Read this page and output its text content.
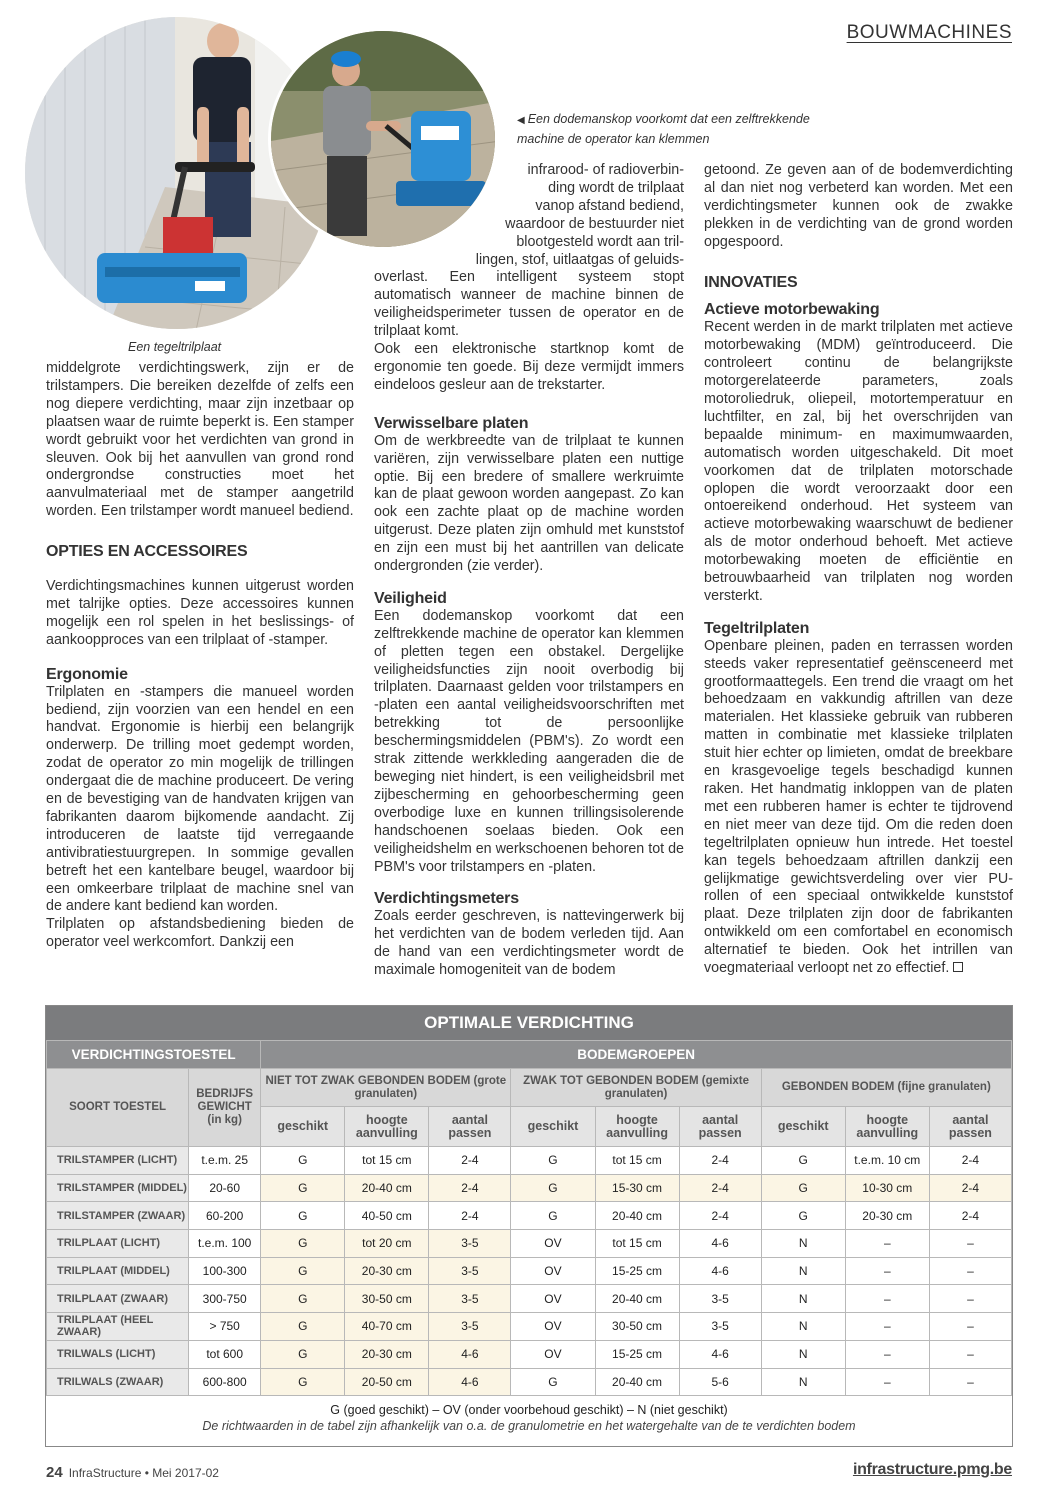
BOUWMACHINES
Een tegeltrilplaat
◀ Een dodemanskop voorkomt dat een zelftrekkende machine de operator kan klemmen

middelgrote verdichtingswerk, zijn er de trilstampers. Die bereiken dezelfde of zelfs een nog diepere verdichting, maar zijn inzetbaar op plaatsen waar de ruimte beperkt is. Een stamper wordt gebruikt voor het verdichten van grond in sleuven. Ook bij het aanvullen van grond rond ondergrondse constructies moet het aanvulmateriaal met de stamper aangetrild worden. Een trilstamper wordt manueel bediend.

OPTIES EN ACCESSOIRES

Verdichtingsmachines kunnen uitgerust worden met talrijke opties. Deze accessoires kunnen mogelijk een rol spelen in het beslissings- of aankoopproces van een trilplaat of -stamper.

Ergonomie

Trilplaten en -stampers die manueel worden bediend, zijn voorzien van een hendel en een handvat. Ergonomie is hierbij een belangrijk onderwerp. De trilling moet gedempt worden, zodat de operator zo min mogelijk de trillingen ondergaat die de machine produceert. De vering en de bevestiging van de handvaten krijgen van fabrikanten daarom bijkomende aandacht. Zij introduceren de laatste tijd verregaande antivibratiestuurgrepen. In sommige gevallen betreft het een kantelbare beugel, waardoor bij een omkeerbare trilplaat de machine snel van de andere kant bediend kan worden.

Trilplaten op afstandsbediening bieden de operator veel werkcomfort. Dankzij een

infrarood- of radioverbin-

ding wordt de trilplaat

vanop afstand bediend,

waardoor de bestuurder niet

blootgesteld wordt aan tril-

lingen, stof, uitlaatgas of geluids-

overlast. Een intelligent systeem stopt automatisch wanneer de machine binnen de veiligheidsperimeter tussen de operator en de trilplaat komt.

Ook een elektronische startknop komt de ergonomie ten goede. Bij deze vermijdt immers eindeloos gesleur aan de trekstarter.

Verwisselbare platen

Om de werkbreedte van de trilplaat te kunnen variëren, zijn verwisselbare platen een nuttige optie. Bij een bredere of smallere werkruimte kan de plaat gewoon worden aangepast. Zo kan ook een zachte plaat op de machine worden uitgerust. Deze platen zijn omhuld met kunststof en zijn een must bij het aantrillen van delicate ondergronden (zie verder).

Veiligheid

Een dodemanskop voorkomt dat een zelftrekkende machine de operator kan klemmen of pletten tegen een obstakel. Dergelijke veiligheidsfuncties zijn nooit overbodig bij trilplaten. Daarnaast gelden voor trilstampers en -platen een aantal veiligheidsvoorschriften met betrekking tot de persoonlijke beschermingsmiddelen (PBM's). Zo wordt een strak zittende werkkleding aangeraden die de beweging niet hindert, is een veiligheidsbril met zijbescherming en gehoorbescherming geen overbodige luxe en kunnen trillingsisolerende handschoenen soelaas bieden. Ook een veiligheidshelm en werkschoenen behoren tot de PBM's voor trilstampers en -platen.

Verdichtingsmeters

Zoals eerder geschreven, is nattevingerwerk bij het verdichten van de bodem verleden tijd. Aan de hand van een verdichtingsmeter wordt de maximale homogeniteit van de bodem

getoond. Ze geven aan of de bodemverdichting al dan niet nog verbeterd kan worden. Met een verdichtingsmeter kunnen ook de zwakke plekken in de verdichting van de grond worden opgespoord.

INNOVATIES
Actieve motorbewaking

Recent werden in de markt trilplaten met actieve motorbewaking (MDM) geïntroduceerd. Die controleert continu de belangrijkste motorgerelateerde parameters, zoals motoroliedruk, oliepeil, motortemperatuur en luchtfilter, en zal, bij het overschrijden van bepaalde minimum- en maximumwaarden, automatisch worden uitgeschakeld. Dit moet voorkomen dat de trilplaten motorschade oplopen die wordt veroorzaakt door een ontoereikend onderhoud. Het systeem van actieve motorbewaking waarschuwt de bediener als de motor onderhoud behoeft. Met actieve motorbewaking moeten de efficiëntie en betrouwbaarheid van trilplaten nog worden versterkt.

Tegeltrilplaten

Openbare pleinen, paden en terrassen worden steeds vaker representatief geënsceneerd met grootformaattegels. Een trend die vraagt om het behoedzaam en vakkundig aftrillen van deze materialen. Het klassieke gebruik van rubberen matten in combinatie met klassieke trilplaten stuit hier echter op limieten, omdat de breekbare en krasgevoelige tegels beschadigd kunnen raken. Het handmatig inkloppen van de platen met een rubberen hamer is echter te tijdrovend en niet meer van deze tijd. Om die reden doen tegeltrilplaten opnieuw hun intrede. Het toestel kan tegels behoedzaam aftrillen dankzij een gelijkmatige gewichtsverdeling over vier PU-rollen of een speciaal ontwikkelde kunststof plaat. Deze trilplaten zijn door de fabrikanten ontwikkeld om een comfortabel en economisch alternatief te bieden. Ook het intrillen van voegmateriaal verloopt net zo effectief.

OPTIMALE VERDICHTING
VERDICHTINGSTOESTEL		BODEMGROEPEN								
SOORT TOESTEL	BEDRIJFS GEWICHT (in kg)	NIET TOT ZWAK GEBONDEN BODEM (grote granulaten)			ZWAK TOT GEBONDEN BODEM (gemixte granulaten)			GEBONDEN BODEM (fijne granulaten)		
		geschikt	hoogte aanvulling	aantal passen	geschikt	hoogte aanvulling	aantal passen	geschikt	hoogte aanvulling	aantal passen
TRILSTAMPER (LICHT)	t.e.m. 25	G	tot 15 cm	2-4	G	tot 15 cm	2-4	G	t.e.m. 10 cm	2-4
TRILSTAMPER (MIDDEL)	20-60	G	20-40 cm	2-4	G	15-30 cm	2-4	G	10-30 cm	2-4
TRILSTAMPER (ZWAAR)	60-200	G	40-50 cm	2-4	G	20-40 cm	2-4	G	20-30 cm	2-4
TRILPLAAT (LICHT)	t.e.m. 100	G	tot 20 cm	3-5	OV	tot 15 cm	4-6	N	–	–
TRILPLAAT (MIDDEL)	100-300	G	20-30 cm	3-5	OV	15-25 cm	4-6	N	–	–
TRILPLAAT (ZWAAR)	300-750	G	30-50 cm	3-5	OV	20-40 cm	3-5	N	–	–
TRILPLAAT (HEEL ZWAAR)	> 750	G	40-70 cm	3-5	OV	30-50 cm	3-5	N	–	–
TRILWALS (LICHT)	tot 600	G	20-30 cm	4-6	OV	15-25 cm	4-6	N	–	–
TRILWALS (ZWAAR)	600-800	G	20-50 cm	4-6	G	20-40 cm	5-6	N	–	–
G (goed geschikt) – OV (onder voorbehoud geschikt) – N (niet geschikt)
De richtwaarden in de tabel zijn afhankelijk van o.a. de granulometrie en het watergehalte van de te verdichten bodem
24 InfraStructure • Mei 2017-02	infrastructure.pmg.be
